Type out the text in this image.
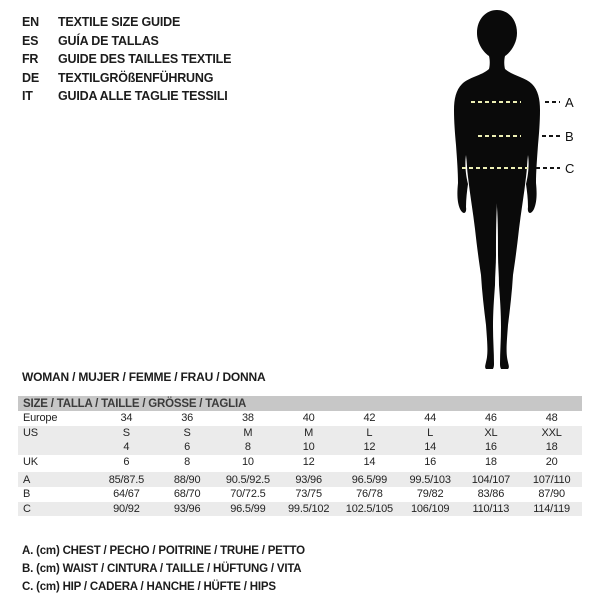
EN	TEXTILE SIZE GUIDE
ES	GUÍA DE TALLAS
FR	GUIDE DES TAILLES TEXTILE
DE	TEXTILGRÖßENFÜHRUNG
IT	GUIDA ALLE TAGLIE TESSILI	A
B
C
WOMAN / MUJER / FEMME / FRAU / DONNA
SIZE / TALLA / TAILLE / GRÖSSE / TAGLIA
Europe	34	36	38	40	42	44	46	48
US	S	S	M	M	L	L	XL	XXL
4	6	8	10	12	14	16	18
UK	6	8	10	12	14	16	18	20
A	85/87.5	88/90	90.5/92.5	93/96	96.5/99	99.5/103	104/107	107/110
B	64/67	68/70	70/72.5	73/75	76/78	79/82	83/86	87/90
C	90/92	93/96	96.5/99	99.5/102	102.5/105	106/109	110/113	114/119
A. (cm) CHEST / PECHO / POITRINE / TRUHE / PETTO
B. (cm) WAIST / CINTURA / TAILLE / HÜFTUNG / VITA
C. (cm) HIP / CADERA / HANCHE / HÜFTE / HIPS
